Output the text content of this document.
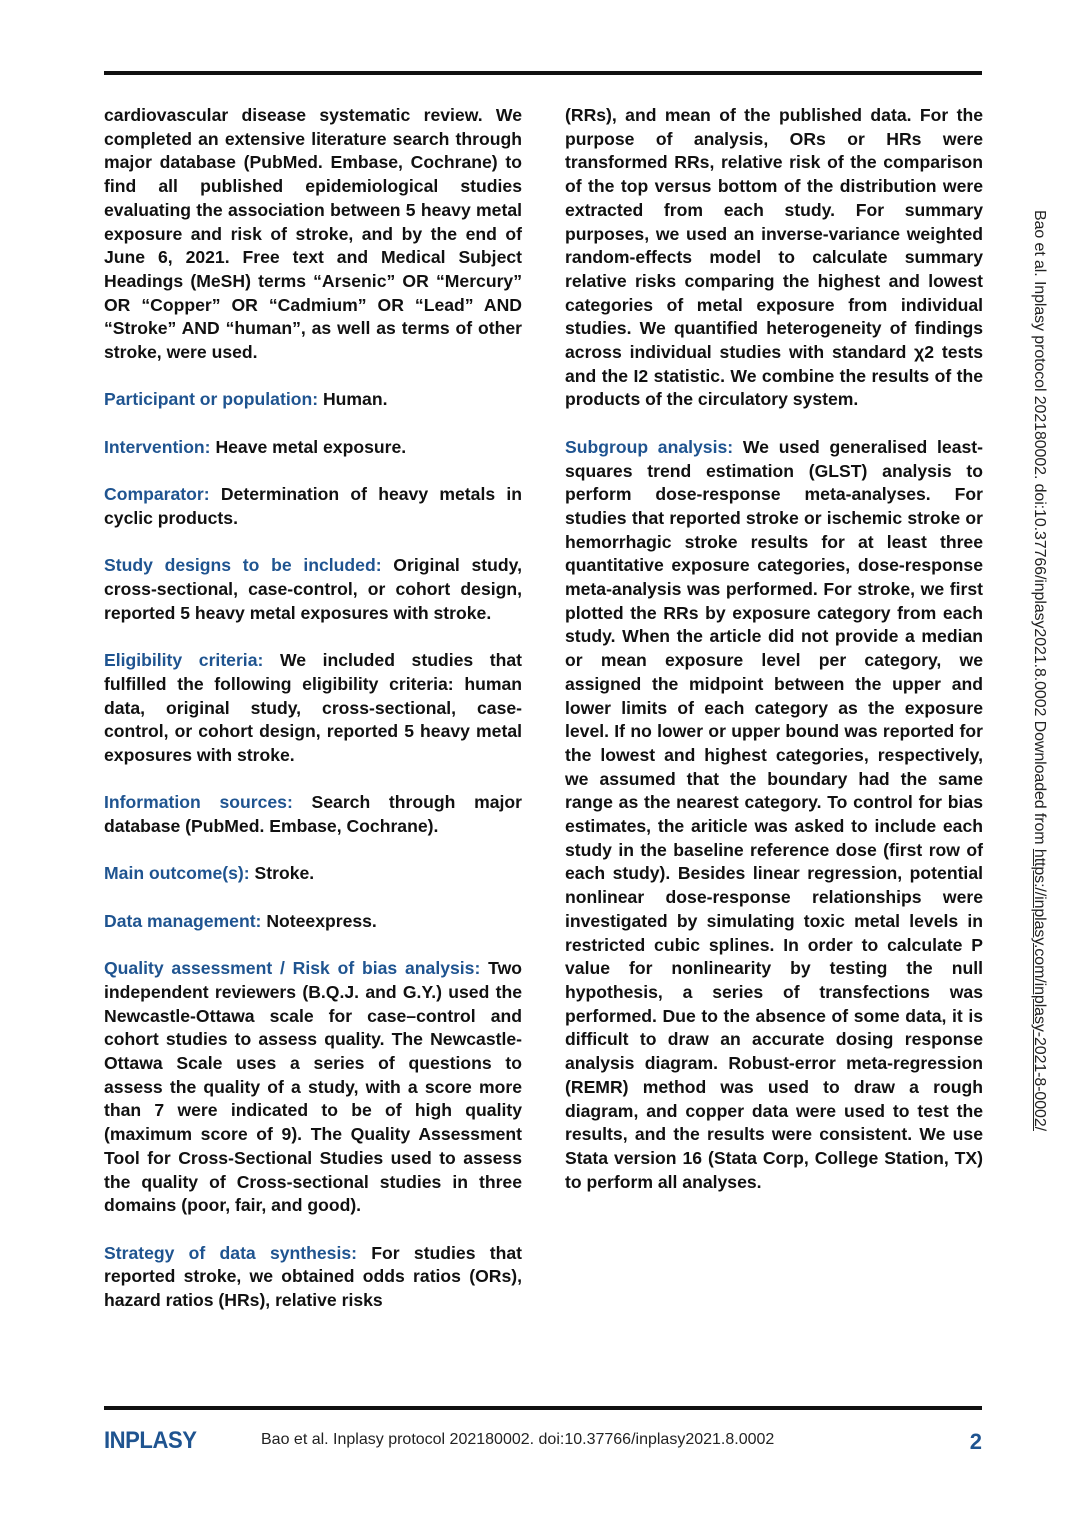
cardiovascular disease systematic review. We completed an extensive literature search through major database (PubMed. Embase, Cochrane) to find all published epidemiological studies evaluating the association between 5 heavy metal exposure and risk of stroke, and by the end of June 6, 2021. Free text and Medical Subject Headings (MeSH) terms “Arsenic” OR “Mercury” OR “Copper” OR “Cadmium” OR “Lead” AND “Stroke” AND “human”, as well as terms of other stroke, were used.

Participant or population: Human.

Intervention: Heave metal exposure.

Comparator: Determination of heavy metals in cyclic products.

Study designs to be included: Original study, cross-sectional, case-control, or cohort design, reported 5 heavy metal exposures with stroke.

Eligibility criteria: We included studies that fulfilled the following eligibility criteria: human data, original study, cross-sectional, case-control, or cohort design, reported 5 heavy metal exposures with stroke.

Information sources: Search through major database (PubMed. Embase, Cochrane).

Main outcome(s): Stroke.

Data management: Noteexpress.

Quality assessment / Risk of bias analysis: Two independent reviewers (B.Q.J. and G.Y.) used the Newcastle-Ottawa scale for case–control and cohort studies to assess quality. The Newcastle-Ottawa Scale uses a series of questions to assess the quality of a study, with a score more than 7 were indicated to be of high quality (maximum score of 9). The Quality Assessment Tool for Cross-Sectional Studies used to assess the quality of Cross-sectional studies in three domains (poor, fair, and good).

Strategy of data synthesis: For studies that reported stroke, we obtained odds ratios (ORs), hazard ratios (HRs), relative risks

(RRs), and mean of the published data. For the purpose of analysis, ORs or HRs were transformed RRs, relative risk of the comparison of the top versus bottom of the distribution were extracted from each study. For summary purposes, we used an inverse-variance weighted random-effects model to calculate summary relative risks comparing the highest and lowest categories of metal exposure from individual studies. We quantified heterogeneity of findings across individual studies with standard χ2 tests and the I2 statistic. We combine the results of the products of the circulatory system.

Subgroup analysis: We used generalised least-squares trend estimation (GLST) analysis to perform dose-response meta-analyses. For studies that reported stroke or ischemic stroke or hemorrhagic stroke results for at least three quantitative exposure categories, dose-response meta-analysis was performed. For stroke, we first plotted the RRs by exposure category from each study. When the article did not provide a median or mean exposure level per category, we assigned the midpoint between the upper and lower limits of each category as the exposure level. If no lower or upper bound was reported for the lowest and highest categories, respectively, we assumed that the boundary had the same range as the nearest category. To control for bias estimates, the ariticle was asked to include each study in the baseline reference dose (first row of each study). Besides linear regression, potential nonlinear dose-response relationships were investigated by simulating toxic metal levels in restricted cubic splines. In order to calculate P value for nonlinearity by testing the null hypothesis, a series of transfections was performed. Due to the absence of some data, it is difficult to draw an accurate dosing response analysis diagram. Robust-error meta-regression (REMR) method was used to draw a rough diagram, and copper data were used to test the results, and the results were consistent. We use Stata version 16 (Stata Corp, College Station, TX) to perform all analyses.

Bao et al. Inplasy protocol 202180002. doi:10.37766/inplasy2021.8.0002 Downloaded from https://inplasy.com/inplasy-2021-8-0002/
INPLASY	Bao et al. Inplasy protocol 202180002. doi:10.37766/inplasy2021.8.0002	2
